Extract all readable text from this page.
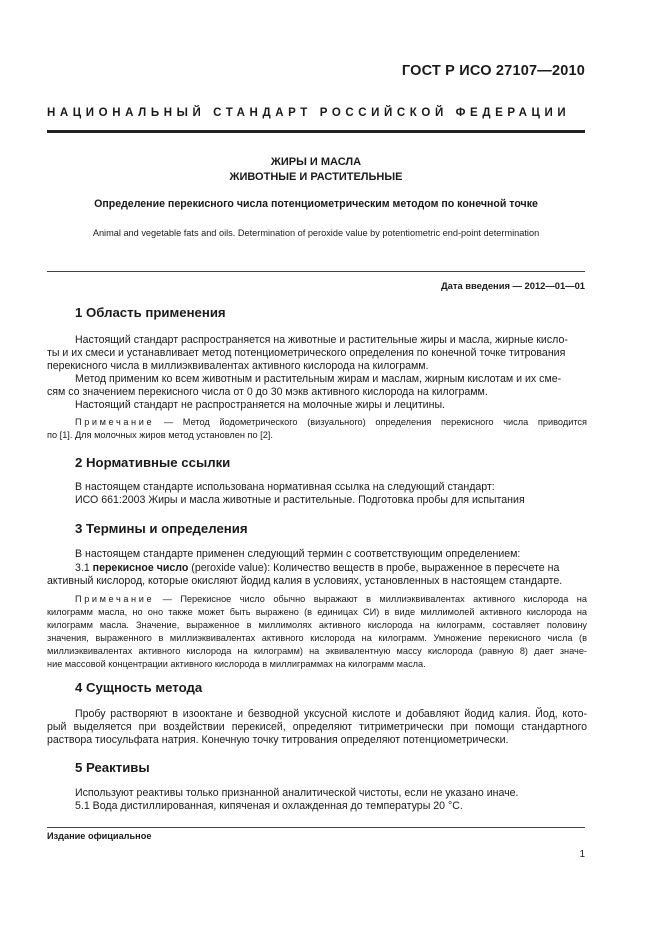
ГОСТ Р ИСО 27107—2010
НАЦИОНАЛЬНЫЙ СТАНДАРТ РОССИЙСКОЙ ФЕДЕРАЦИИ
ЖИРЫ И МАСЛА
ЖИВОТНЫЕ И РАСТИТЕЛЬНЫЕ
Определение перекисного числа потенциометрическим методом по конечной точке
Animal and vegetable fats and oils. Determination of peroxide value by potentiometric end-point determination
Дата введения — 2012—01—01
1 Область применения
Настоящий стандарт распространяется на животные и растительные жиры и масла, жирные кисло-
ты и их смеси и устанавливает метод потенциометрического определения по конечной точке титрования
перекисного числа в миллиэквивалентах активного кислорода на килограмм.
Метод применим ко всем животным и растительным жирам и маслам, жирным кислотам и их сме-
сям со значением перекисного числа от 0 до 30 мэкв активного кислорода на килограмм.
Настоящий стандарт не распространяется на молочные жиры и лецитины.
Примечание — Метод йодометрического (визуального) определения перекисного числа приводится
по [1]. Для молочных жиров метод установлен по [2].
2 Нормативные ссылки
В настоящем стандарте использована нормативная ссылка на следующий стандарт:
ИСО 661:2003 Жиры и масла животные и растительные. Подготовка пробы для испытания
3 Термины и определения
В настоящем стандарте применен следующий термин с соответствующим определением:
3.1 перекисное число (peroxide value): Количество веществ в пробе, выраженное в пересчете на
активный кислород, которые окисляют йодид калия в условиях, установленных в настоящем стандарте.
Примечание — Перекисное число обычно выражают в миллиэквивалентах активного кислорода на
килограмм масла, но оно также может быть выражено (в единицах СИ) в виде миллимолей активного кислорода на
килограмм масла. Значение, выраженное в миллимолях активного кислорода на килограмм, составляет половину
значения, выраженного в миллиэквивалентах активного кислорода на килограмм. Умножение перекисного числа (в
миллиэквивалентах активного кислорода на килограмм) на эквивалентную массу кислорода (равную 8) дает значе-
ние массовой концентрации активного кислорода в миллиграммах на килограмм масла.
4 Сущность метода
Пробу растворяют в изооктане и безводной уксусной кислоте и добавляют йодид калия. Йод, кото-
рый выделяется при воздействии перекисей, определяют титриметрически при помощи стандартного
раствора тиосульфата натрия. Конечную точку титрования определяют потенциометрически.
5 Реактивы
Используют реактивы только признанной аналитической чистоты, если не указано иначе.
5.1 Вода дистиллированная, кипяченая и охлажденная до температуры 20 °С.
Издание официальное
1
